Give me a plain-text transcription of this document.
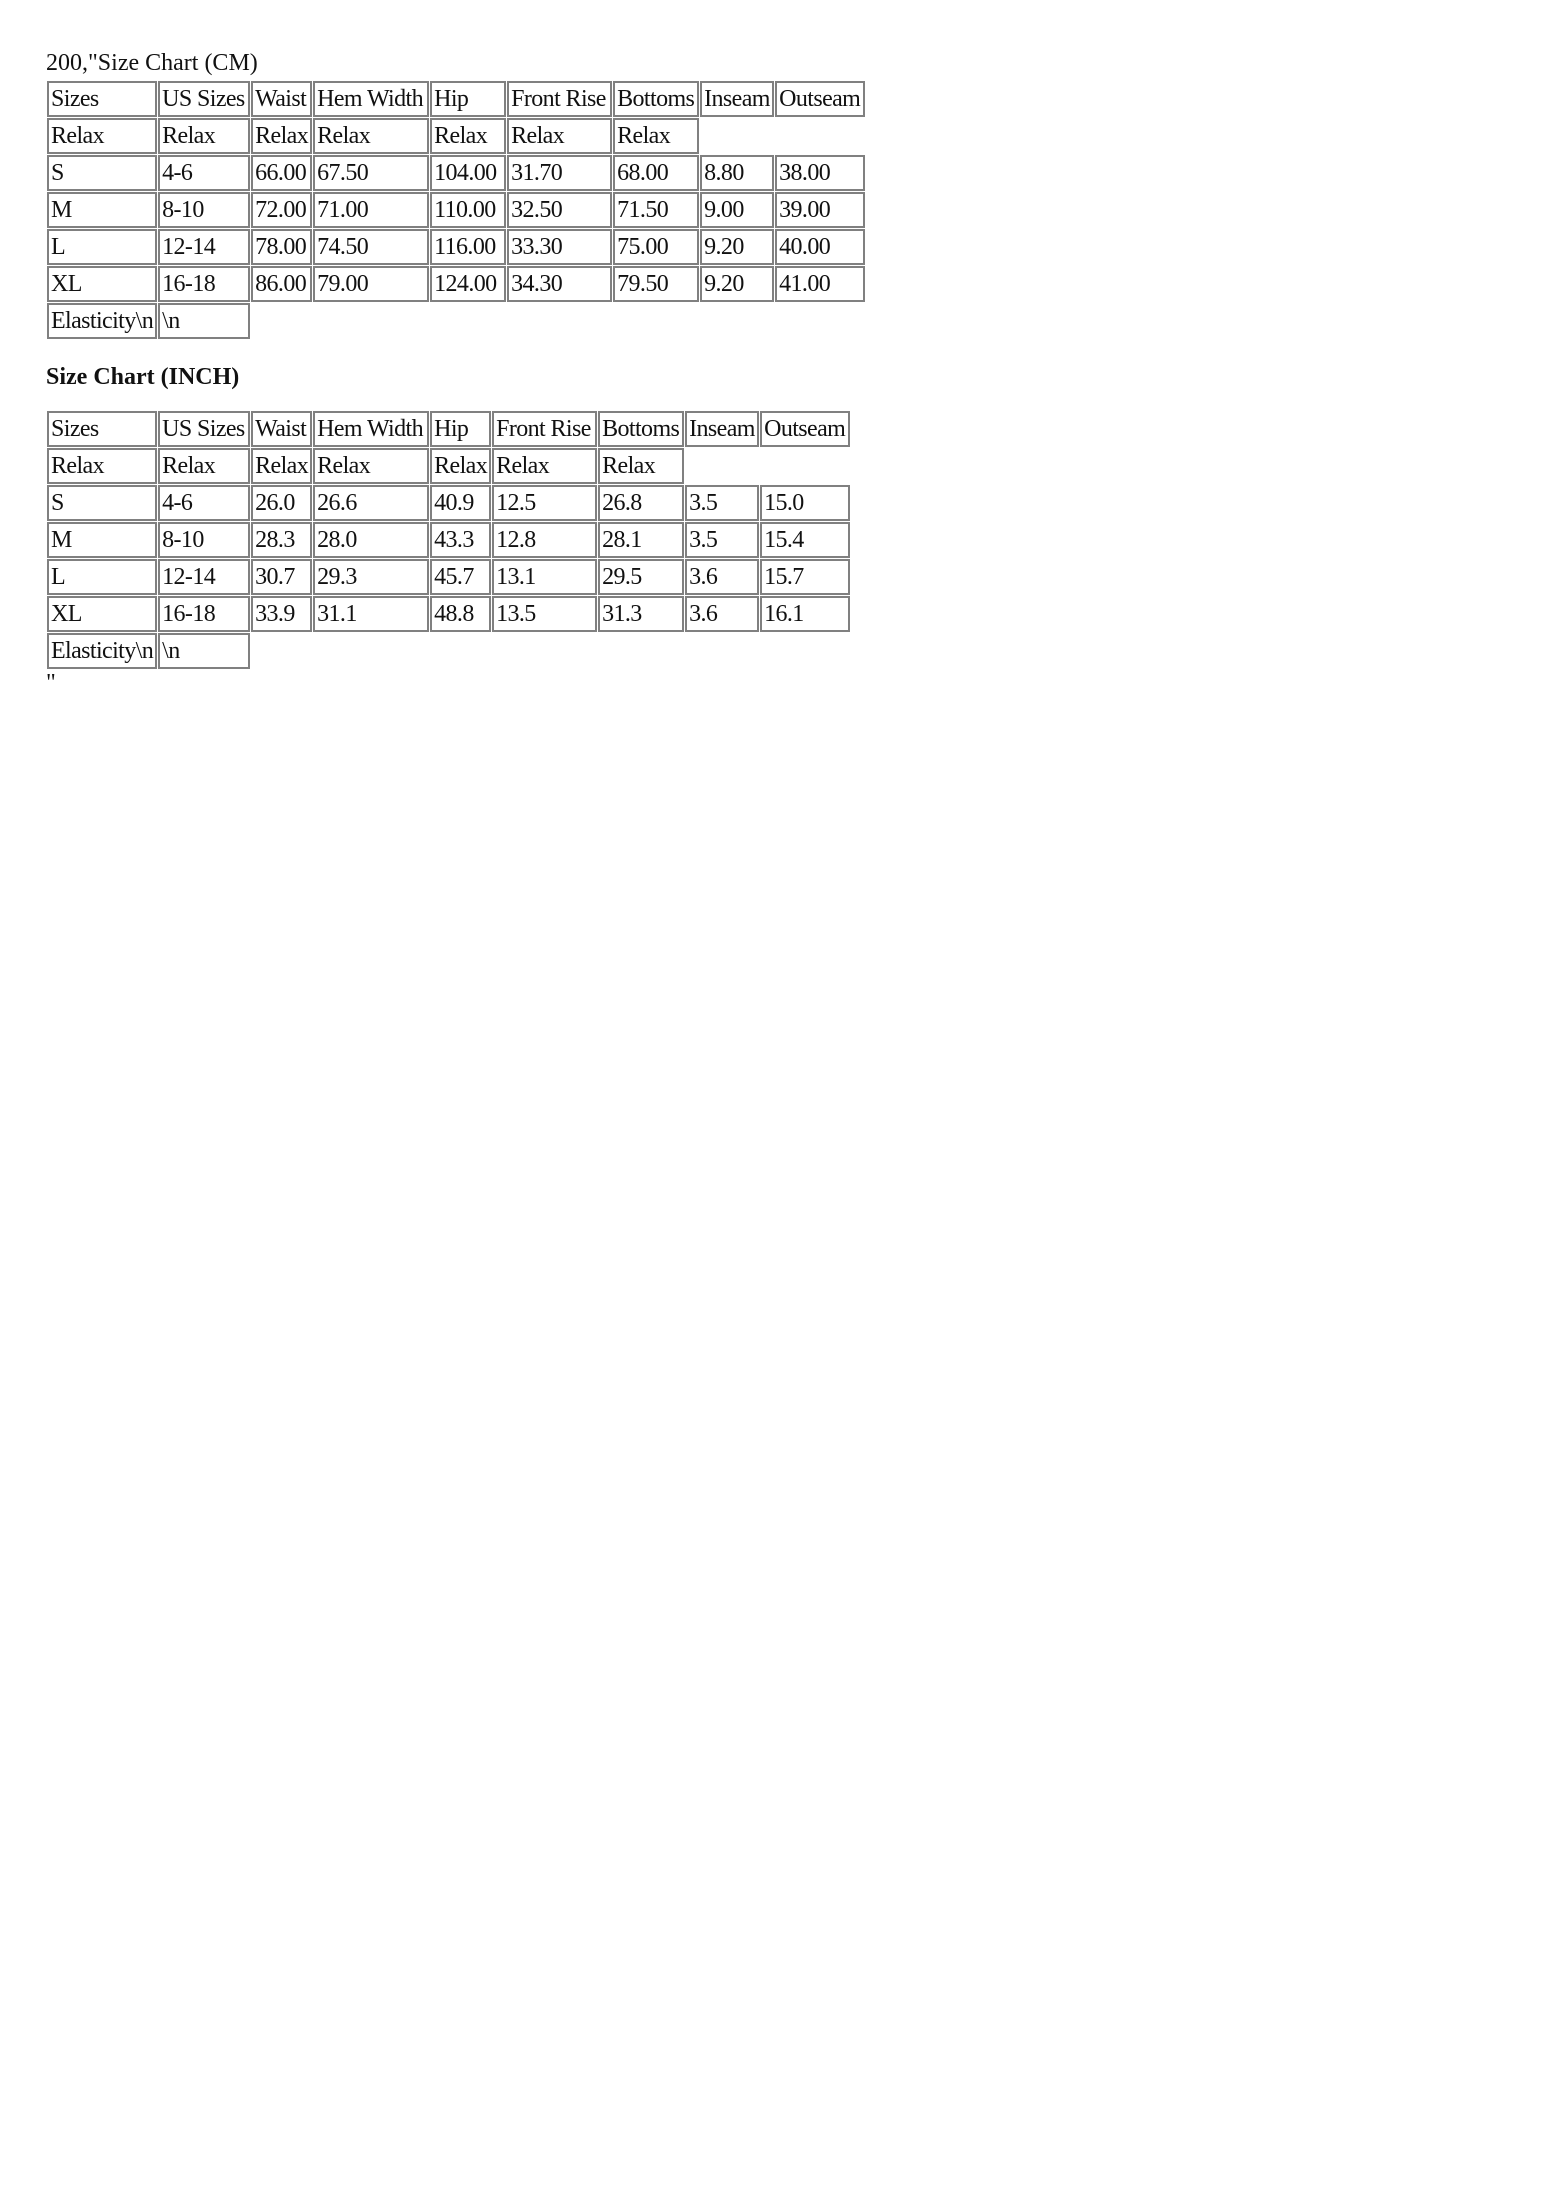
200,"Size Chart (CM)
Sizes	US Sizes	Waist	Hem Width	Hip	Front Rise	Bottoms	Inseam	Outseam
Relax	Relax	Relax	Relax	Relax	Relax	Relax		
S	4-6	66.00	67.50	104.00	31.70	68.00	8.80	38.00
M	8-10	72.00	71.00	110.00	32.50	71.50	9.00	39.00
L	12-14	78.00	74.50	116.00	33.30	75.00	9.20	40.00
XL	16-18	86.00	79.00	124.00	34.30	79.50	9.20	41.00
Elasticity\n	\n							
Size Chart (INCH)
Sizes	US Sizes	Waist	Hem Width	Hip	Front Rise	Bottoms	Inseam	Outseam
Relax	Relax	Relax	Relax	Relax	Relax	Relax		
S	4-6	26.0	26.6	40.9	12.5	26.8	3.5	15.0
M	8-10	28.3	28.0	43.3	12.8	28.1	3.5	15.4
L	12-14	30.7	29.3	45.7	13.1	29.5	3.6	15.7
XL	16-18	33.9	31.1	48.8	13.5	31.3	3.6	16.1
Elasticity\n	\n							
"
